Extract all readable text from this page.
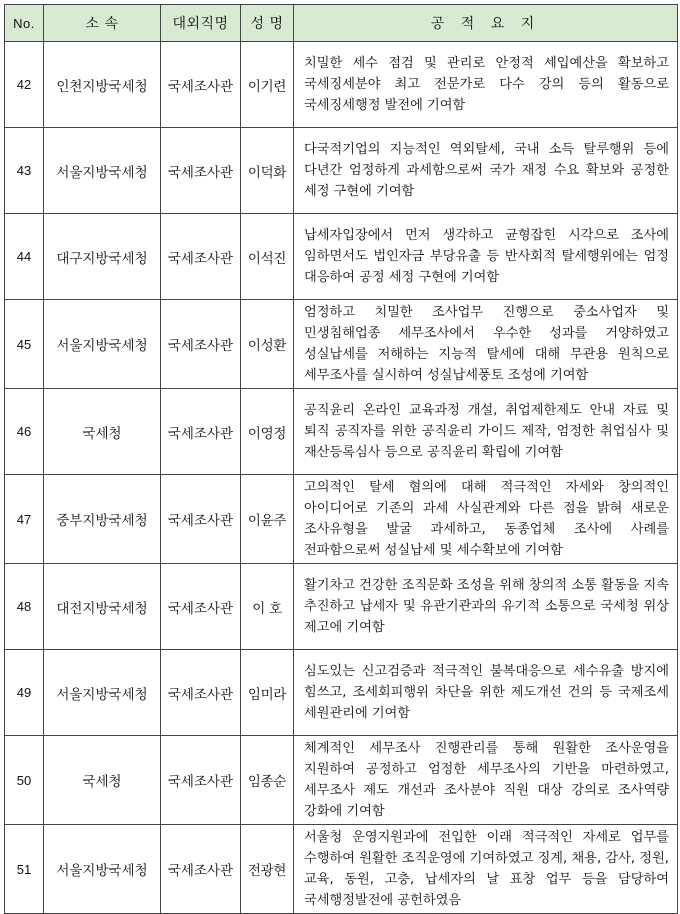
No.	소 속	대외직명	성 명	공 적 요 지
42	인천지방국세청	국세조사관	이기련	치밀한 세수 점검 및 관리로 안정적 세입예산을 확보하고 국세징세분야 최고 전문가로 다수 강의 등의 활동으로 국세징세행정 발전에 기여함
43	서울지방국세청	국세조사관	이덕화	다국적기업의 지능적인 역외탈세, 국내 소득 탈루행위 등에 다년간 엄정하게 과세함으로써 국가 재정 수요 확보와 공정한 세정 구현에 기여함
44	대구지방국세청	국세조사관	이석진	납세자입장에서 먼저 생각하고 균형잡힌 시각으로 조사에 임하면서도 법인자금 부당유출 등 반사회적 탈세행위에는 엄정 대응하여 공정 세정 구현에 기여함
45	서울지방국세청	국세조사관	이성환	엄정하고 치밀한 조사업무 진행으로 중소사업자 및 민생침해업종 세무조사에서 우수한 성과를 거양하였고 성실납세를 저해하는 지능적 탈세에 대해 무관용 원칙으로 세무조사를 실시하여 성실납세풍토 조성에 기여함
46	국세청	국세조사관	이영정	공직윤리 온라인 교육과정 개설, 취업제한제도 안내 자료 및 퇴직 공직자를 위한 공직윤리 가이드 제작, 엄정한 취업심사 및 재산등록심사 등으로 공직윤리 확립에 기여함
47	중부지방국세청	국세조사관	이윤주	고의적인 탈세 혐의에 대해 적극적인 자세와 창의적인 아이디어로 기존의 과세 사실관계와 다른 점을 밝혀 새로운 조사유형을 발굴 과세하고, 동종업체 조사에 사례를 전파함으로써 성실납세 및 세수확보에 기여함
48	대전지방국세청	국세조사관	이 호	활기차고 건강한 조직문화 조성을 위해 창의적 소통 활동을 지속 추진하고 납세자 및 유관기관과의 유기적 소통으로 국세청 위상 제고에 기여함
49	서울지방국세청	국세조사관	임미라	심도있는 신고검증과 적극적인 불복대응으로 세수유출 방지에 힘쓰고, 조세회피행위 차단을 위한 제도개선 건의 등 국제조세 세원관리에 기여함
50	국세청	국세조사관	임종순	체계적인 세무조사 진행관리를 통해 원활한 조사운영을 지원하여 공정하고 엄정한 세무조사의 기반을 마련하였고, 세무조사 제도 개선과 조사분야 직원 대상 강의로 조사역량 강화에 기여함
51	서울지방국세청	국세조사관	전광현	서울청 운영지원과에 전입한 이래 적극적인 자세로 업무를 수행하여 원활한 조직운영에 기여하였고 징계, 채용, 감사, 정원, 교육, 동원, 고충, 납세자의 날 표창 업무 등을 담당하여 국세행정발전에 공헌하였음
